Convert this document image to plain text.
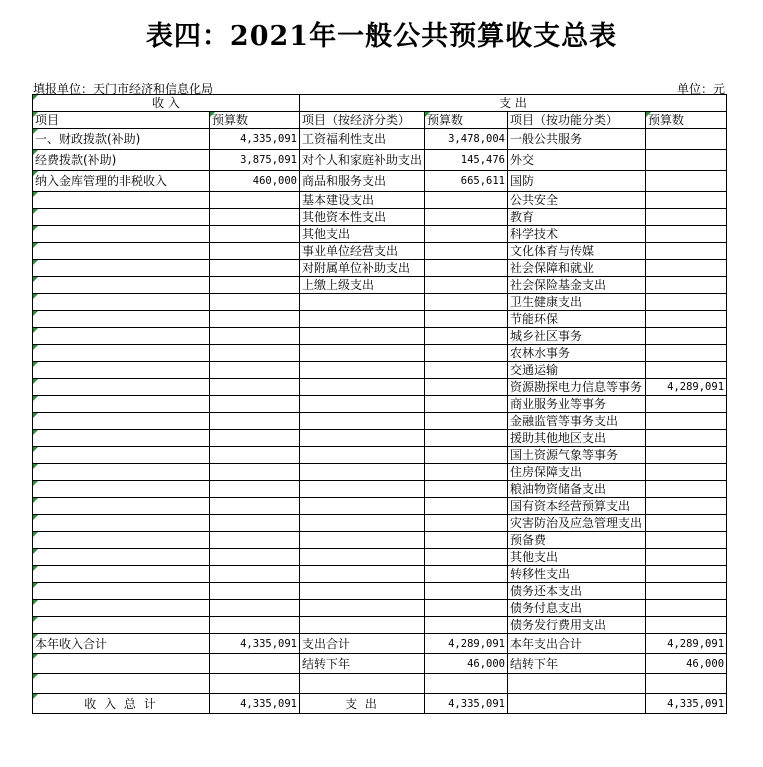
表四：2021年一般公共预算收支总表
填报单位：天门市经济和信息化局	单位：元
收 入		支 出			
项目	预算数	项目（按经济分类）	预算数	项目（按功能分类）	预算数
一、财政拨款(补助)	4,335,091	工资福利性支出	3,478,004	一般公共服务	
经费拨款(补助)	3,875,091	对个人和家庭补助支出	145,476	外交	
纳入金库管理的非税收入	460,000	商品和服务支出	665,611	国防	
		基本建设支出		公共安全	
		其他资本性支出		教育	
		其他支出		科学技术	
		事业单位经营支出		文化体育与传媒	
		对附属单位补助支出		社会保障和就业	
		上缴上级支出		社会保险基金支出	
				卫生健康支出	
				节能环保	
				城乡社区事务	
				农林水事务	
				交通运输	
				资源勘探电力信息等事务	4,289,091
				商业服务业等事务	
				金融监管等事务支出	
				援助其他地区支出	
				国土资源气象等事务	
				住房保障支出	
				粮油物资储备支出	
				国有资本经营预算支出	
				灾害防治及应急管理支出	
				预备费	
				其他支出	
				转移性支出	
				债务还本支出	
				债务付息支出	
				债务发行费用支出	
本年收入合计	4,335,091	支出合计	4,289,091	本年支出合计	4,289,091
		结转下年	46,000	结转下年	46,000

收 入 总 计	4,335,091	支 出	4,335,091		4,335,091
